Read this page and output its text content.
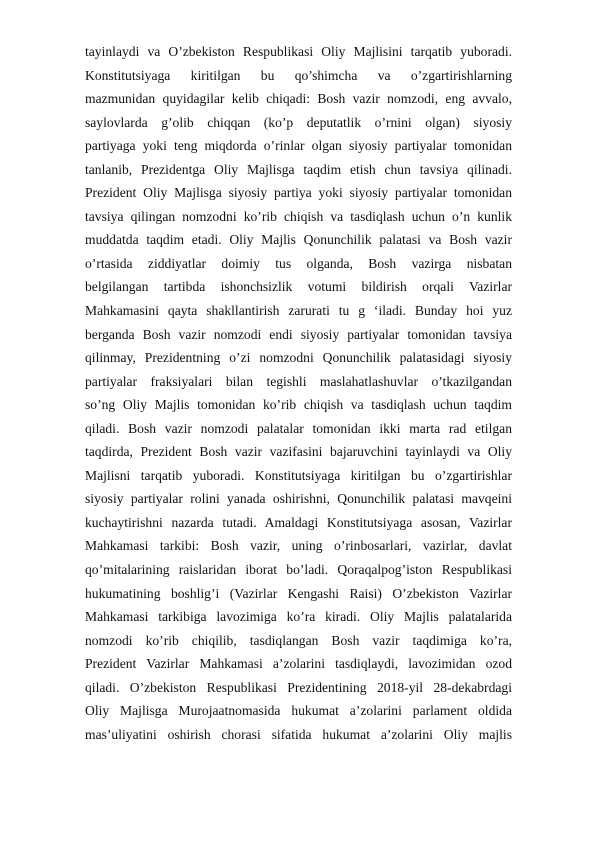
tayinlaydi va O’zbekiston Respublikasi Oliy Majlisini tarqatib yuboradi.
Konstitutsiyaga kiritilgan bu qo’shimcha va o’zgartirishlarning
mazmunidan quyidagilar kelib chiqadi: Bosh vazir nomzodi, eng avvalo,
saylovlarda g’olib chiqqan (ko’p deputatlik o’rnini olgan) siyosiy
partiyaga yoki teng miqdorda o’rinlar olgan siyosiy partiyalar tomonidan
tanlanib, Prezidentga Oliy Majlisga taqdim etish chun tavsiya qilinadi.
Prezident Oliy Majlisga siyosiy partiya yoki siyosiy partiyalar tomonidan
tavsiya qilingan nomzodni ko’rib chiqish va tasdiqlash uchun o’n kunlik
muddatda taqdim etadi. Oliy Majlis Qonunchilik palatasi va Bosh vazir
o’rtasida ziddiyatlar doimiy tus olganda, Bosh vazirga nisbatan
belgilangan tartibda ishonchsizlik votumi bildirish orqali Vazirlar
Mahkamasini qayta shakllantirish zarurati tu g ‘iladi. Bunday hoi yuz
berganda Bosh vazir nomzodi endi siyosiy partiyalar tomonidan tavsiya
qilinmay, Prezidentning o’zi nomzodni Qonunchilik palatasidagi siyosiy
partiyalar fraksiyalari bilan tegishli maslahatlashuvlar o’tkazilgandan
so’ng Oliy Majlis tomonidan ko’rib chiqish va tasdiqlash uchun taqdim
qiladi. Bosh vazir nomzodi palatalar tomonidan ikki marta rad etilgan
taqdirda, Prezident Bosh vazir vazifasini bajaruvchini tayinlaydi va Oliy
Majlisni tarqatib yuboradi. Konstitutsiyaga kiritilgan bu o’zgartirishlar
siyosiy partiyalar rolini yanada oshirishni, Qonunchilik palatasi mavqeini
kuchaytirishni nazarda tutadi. Amaldagi Konstitutsiyaga asosan, Vazirlar
Mahkamasi tarkibi: Bosh vazir, uning o’rinbosarlari, vazirlar, davlat
qo’mitalarining raislaridan iborat bo’ladi. Qoraqalpog’iston Respublikasi
hukumatining boshlig’i (Vazirlar Kengashi Raisi) O’zbekiston Vazirlar
Mahkamasi tarkibiga lavozimiga ko’ra kiradi. Oliy Majlis palatalarida
nomzodi ko’rib chiqilib, tasdiqlangan Bosh vazir taqdimiga ko’ra,
Prezident Vazirlar Mahkamasi a’zolarini tasdiqlaydi, lavozimidan ozod
qiladi. O’zbekiston Respublikasi Prezidentining 2018-yil 28-dekabrdagi
Oliy Majlisga Murojaatnomasida hukumat a’zolarini parlament oldida
mas’uliyatini oshirish chorasi sifatida hukumat a’zolarini Oliy majlis
